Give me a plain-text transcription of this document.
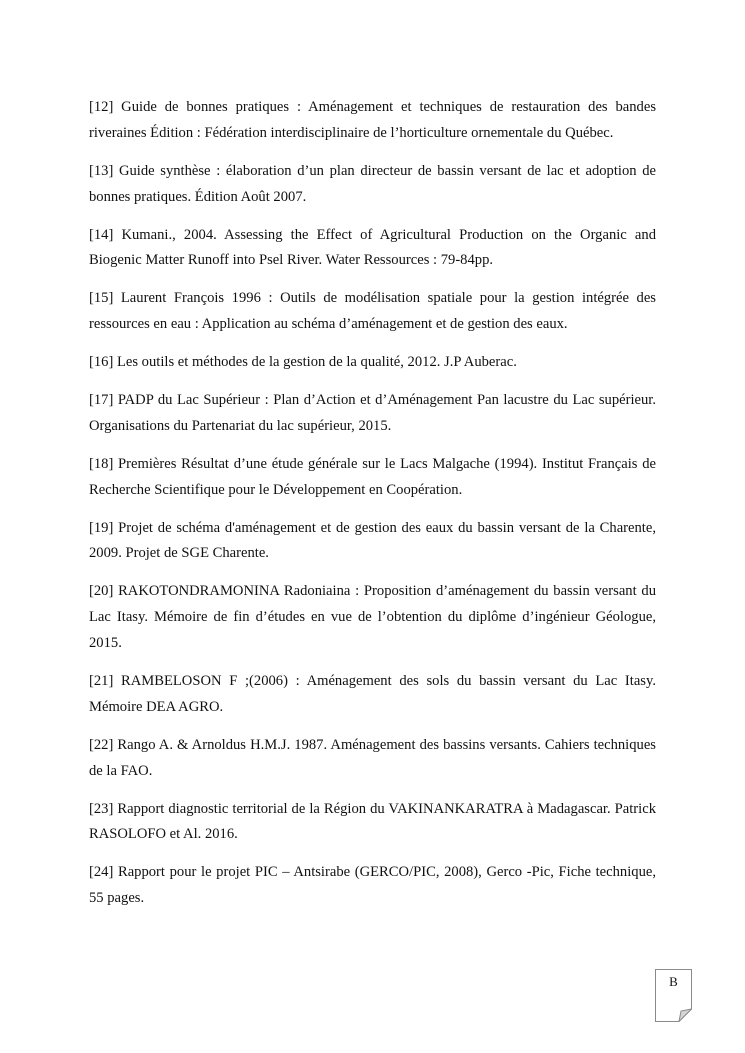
[12] Guide de bonnes pratiques : Aménagement et techniques de restauration des bandes riveraines Édition : Fédération interdisciplinaire de l’horticulture ornementale du Québec.

[13] Guide synthèse : élaboration d’un plan directeur de bassin versant de lac et adoption de bonnes pratiques. Édition Août 2007.

[14] Kumani., 2004. Assessing the Effect of Agricultural Production on the Organic and Biogenic Matter Runoff into Psel River. Water Ressources : 79-84pp.

[15] Laurent François 1996 : Outils de modélisation spatiale pour la gestion intégrée des ressources en eau : Application au schéma d’aménagement et de gestion des eaux.

[16] Les outils et méthodes de la gestion de la qualité, 2012. J.P Auberac.

[17] PADP du Lac Supérieur : Plan d’Action et d’Aménagement Pan lacustre du Lac supérieur. Organisations du Partenariat du lac supérieur, 2015.

[18] Premières Résultat d’une étude générale sur le Lacs Malgache (1994). Institut Français de Recherche Scientifique pour le Développement en Coopération.

[19] Projet de schéma d'aménagement et de gestion des eaux du bassin versant de la Charente, 2009. Projet de SGE Charente.

[20] RAKOTONDRAMONINA Radoniaina : Proposition d’aménagement du bassin versant du Lac Itasy. Mémoire de fin d’études en vue de l’obtention du diplôme d’ingénieur Géologue, 2015.

[21] RAMBELOSON F ;(2006) : Aménagement des sols du bassin versant du Lac Itasy. Mémoire DEA AGRO.

[22] Rango A. & Arnoldus H.M.J. 1987. Aménagement des bassins versants. Cahiers techniques de la FAO.

[23] Rapport diagnostic territorial de la Région du VAKINANKARATRA à Madagascar. Patrick RASOLOFO et Al. 2016.

[24] Rapport pour le projet PIC – Antsirabe (GERCO/PIC, 2008), Gerco -Pic, Fiche technique, 55 pages.

B
